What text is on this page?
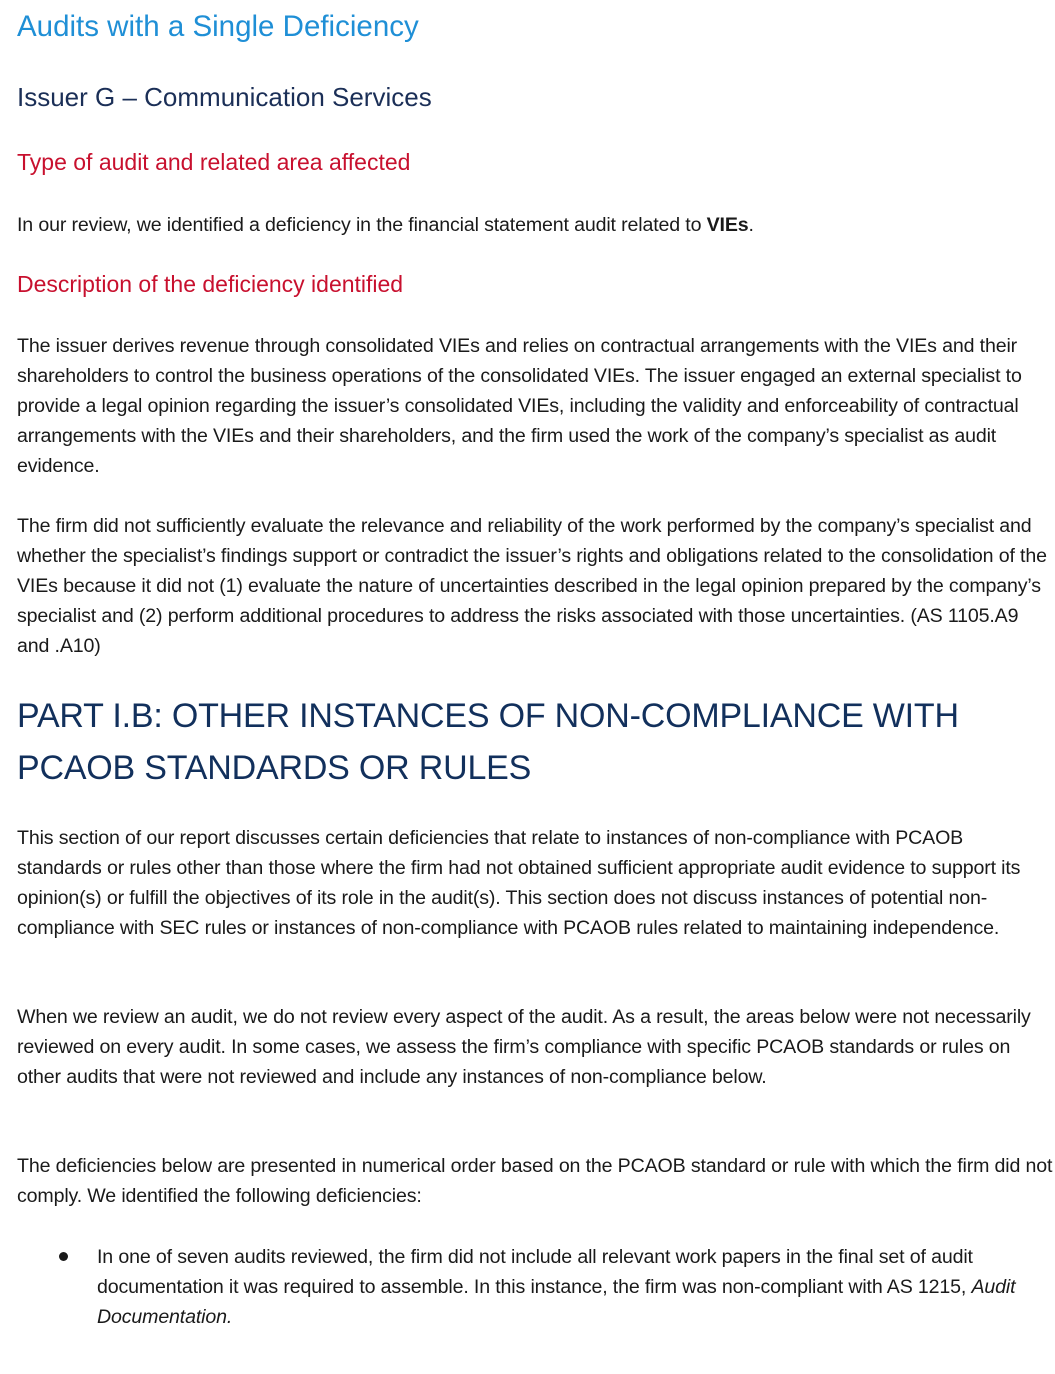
Audits with a Single Deficiency
Issuer G – Communication Services
Type of audit and related area affected

In our review, we identified a deficiency in the financial statement audit related to VIEs.

Description of the deficiency identified

The issuer derives revenue through consolidated VIEs and relies on contractual arrangements with the VIEs and their shareholders to control the business operations of the consolidated VIEs. The issuer engaged an external specialist to provide a legal opinion regarding the issuer’s consolidated VIEs, including the validity and enforceability of contractual arrangements with the VIEs and their shareholders, and the firm used the work of the company’s specialist as audit evidence.

The firm did not sufficiently evaluate the relevance and reliability of the work performed by the company’s specialist and whether the specialist’s findings support or contradict the issuer’s rights and obligations related to the consolidation of the VIEs because it did not (1) evaluate the nature of uncertainties described in the legal opinion prepared by the company’s specialist and (2) perform additional procedures to address the risks associated with those uncertainties. (AS 1105.A9 and .A10)

PART I.B: OTHER INSTANCES OF NON-COMPLIANCE WITH PCAOB STANDARDS OR RULES

This section of our report discusses certain deficiencies that relate to instances of non-compliance with PCAOB standards or rules other than those where the firm had not obtained sufficient appropriate audit evidence to support its opinion(s) or fulfill the objectives of its role in the audit(s). This section does not discuss instances of potential non-compliance with SEC rules or instances of non-compliance with PCAOB rules related to maintaining independence.

When we review an audit, we do not review every aspect of the audit. As a result, the areas below were not necessarily reviewed on every audit. In some cases, we assess the firm’s compliance with specific PCAOB standards or rules on other audits that were not reviewed and include any instances of non-compliance below.

The deficiencies below are presented in numerical order based on the PCAOB standard or rule with which the firm did not comply. We identified the following deficiencies:

In one of seven audits reviewed, the firm did not include all relevant work papers in the final set of audit documentation it was required to assemble. In this instance, the firm was non-compliant with AS 1215, Audit Documentation.
